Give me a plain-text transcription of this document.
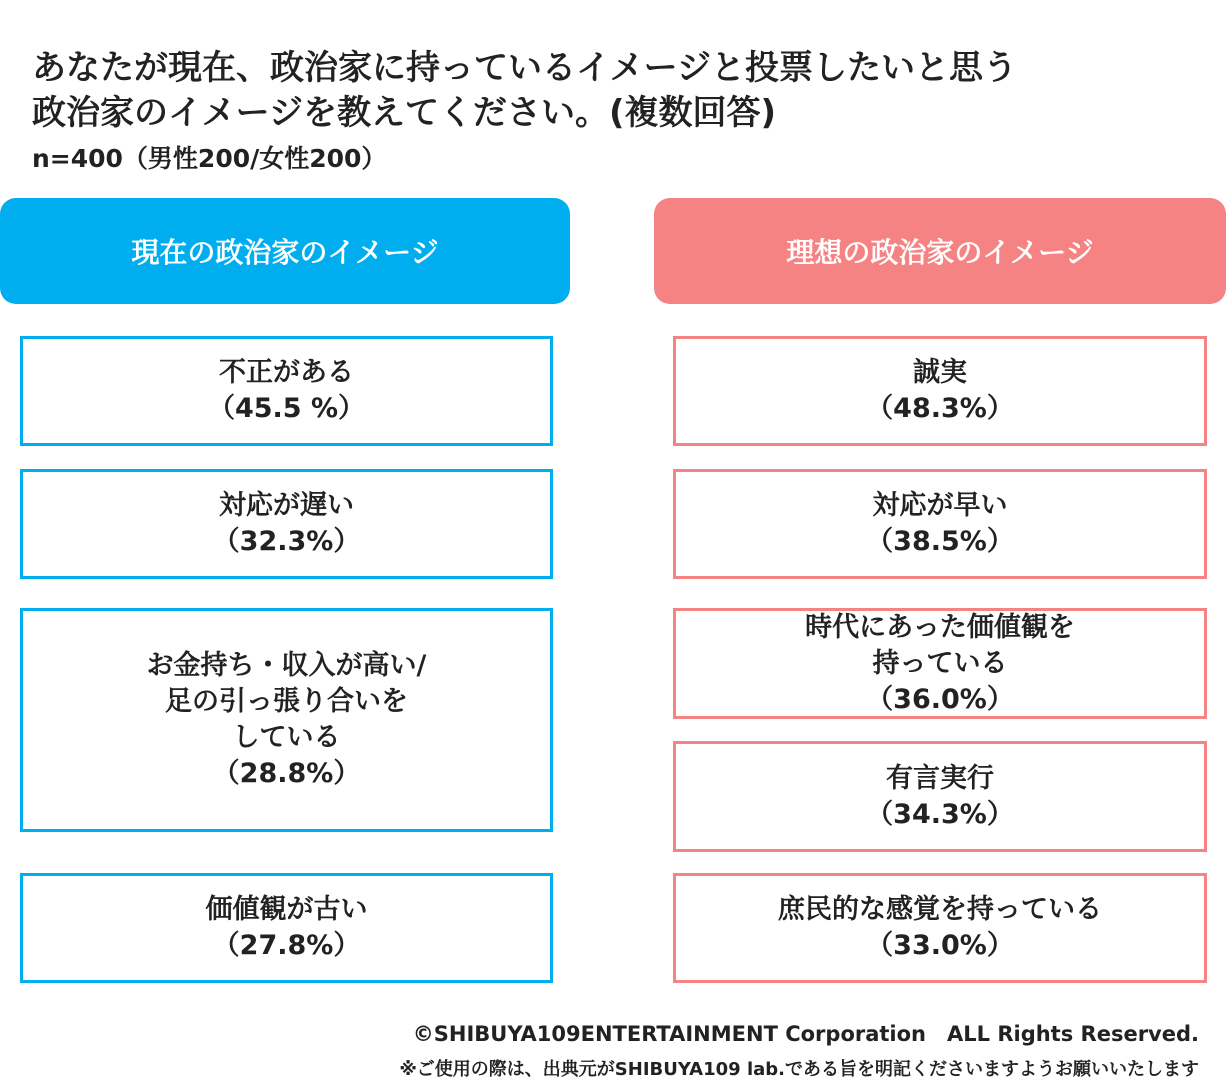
あなたが現在、政治家に持っているイメージと投票したいと思う
政治家のイメージを教えてください。(複数回答)
n=400（男性200/女性200）
現在の政治家のイメージ	理想の政治家のイメージ
不正がある
（45.5 %）
対応が遅い
（32.3%）
お金持ち・収入が高い/
足の引っ張り合いを
している
（28.8%）
価値観が古い
（27.8%）
誠実
（48.3%）
対応が早い
（38.5%）
時代にあった価値観を
持っている
（36.0%）
有言実行
（34.3%）
庶民的な感覚を持っている
（33.0%）
©SHIBUYA109ENTERTAINMENT Corporation　ALL Rights Reserved.
※ご使用の際は、出典元がSHIBUYA109 lab.である旨を明記くださいますようお願いいたします
